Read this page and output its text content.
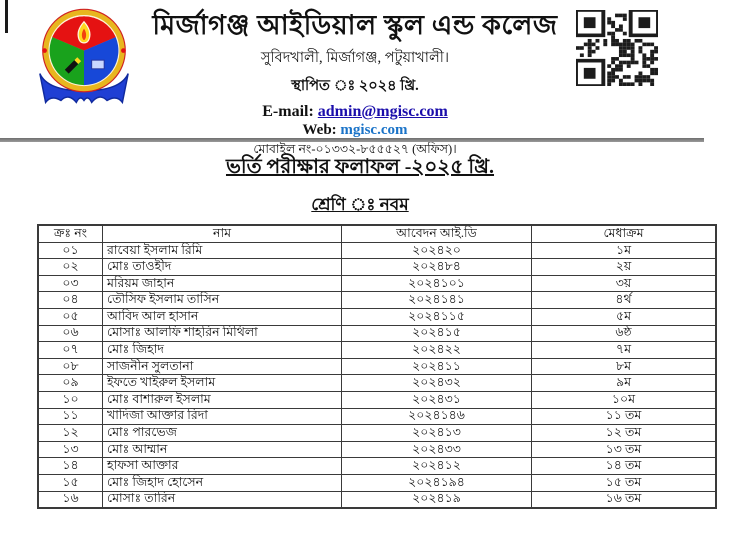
মির্জাগঞ্জ আইডিয়াল স্কুল এন্ড কলেজ
সুবিদখালী, মির্জাগঞ্জ, পটুয়াখালী।
স্থাপিত ঃ ২০২৪ খ্রি.
E-mail: admin@mgisc.com
Web: mgisc.com
মোবাইল নং-০১৩৩২-৮৫৫৫২৭ (অফিস)।
ভর্তি পরীক্ষার ফলাফল -২০২৫ খ্রি.
শ্রেণি ঃ নবম
ক্রঃ নং	নাম	আবেদন আই.ডি	মেধাক্রম
০১	রাবেয়া ইসলাম রিমি	২০২৪২০	১ম
০২	মোঃ তাওহীদ	২০২৪৮৪	২য়
০৩	মরিয়ম জাহান	২০২৪১০১	৩য়
০৪	তৌসিফ ইসলাম তাসিন	২০২৪১৪১	৪র্থ
০৫	আবিদ আল হাসান	২০২৪১১৫	৫ম
০৬	মোসাঃ আলফি শাহরিন মিথিলা	২০২৪১৫	৬ষ্ঠ
০৭	মোঃ জিহাদ	২০২৪২২	৭ম
০৮	সাজনীন সুলতানা	২০২৪১১	৮ম
০৯	ইফতে খাইরুল ইসলাম	২০২৪৩২	৯ম
১০	মোঃ বাশারুল ইসলাম	২০২৪৩১	১০ম
১১	খাদিজা আক্তার রিদা	২০২৪১৪৬	১১ তম
১২	মোঃ পারভেজ	২০২৪১৩	১২ তম
১৩	মোঃ আম্মান	২০২৪৩৩	১৩ তম
১৪	হাফসা আক্তার	২০২৪১২	১৪ তম
১৫	মোঃ জিহাদ হোসেন	২০২৪১৯৪	১৫ তম
১৬	মোসাঃ তারিন	২০২৪১৯	১৬ তম
